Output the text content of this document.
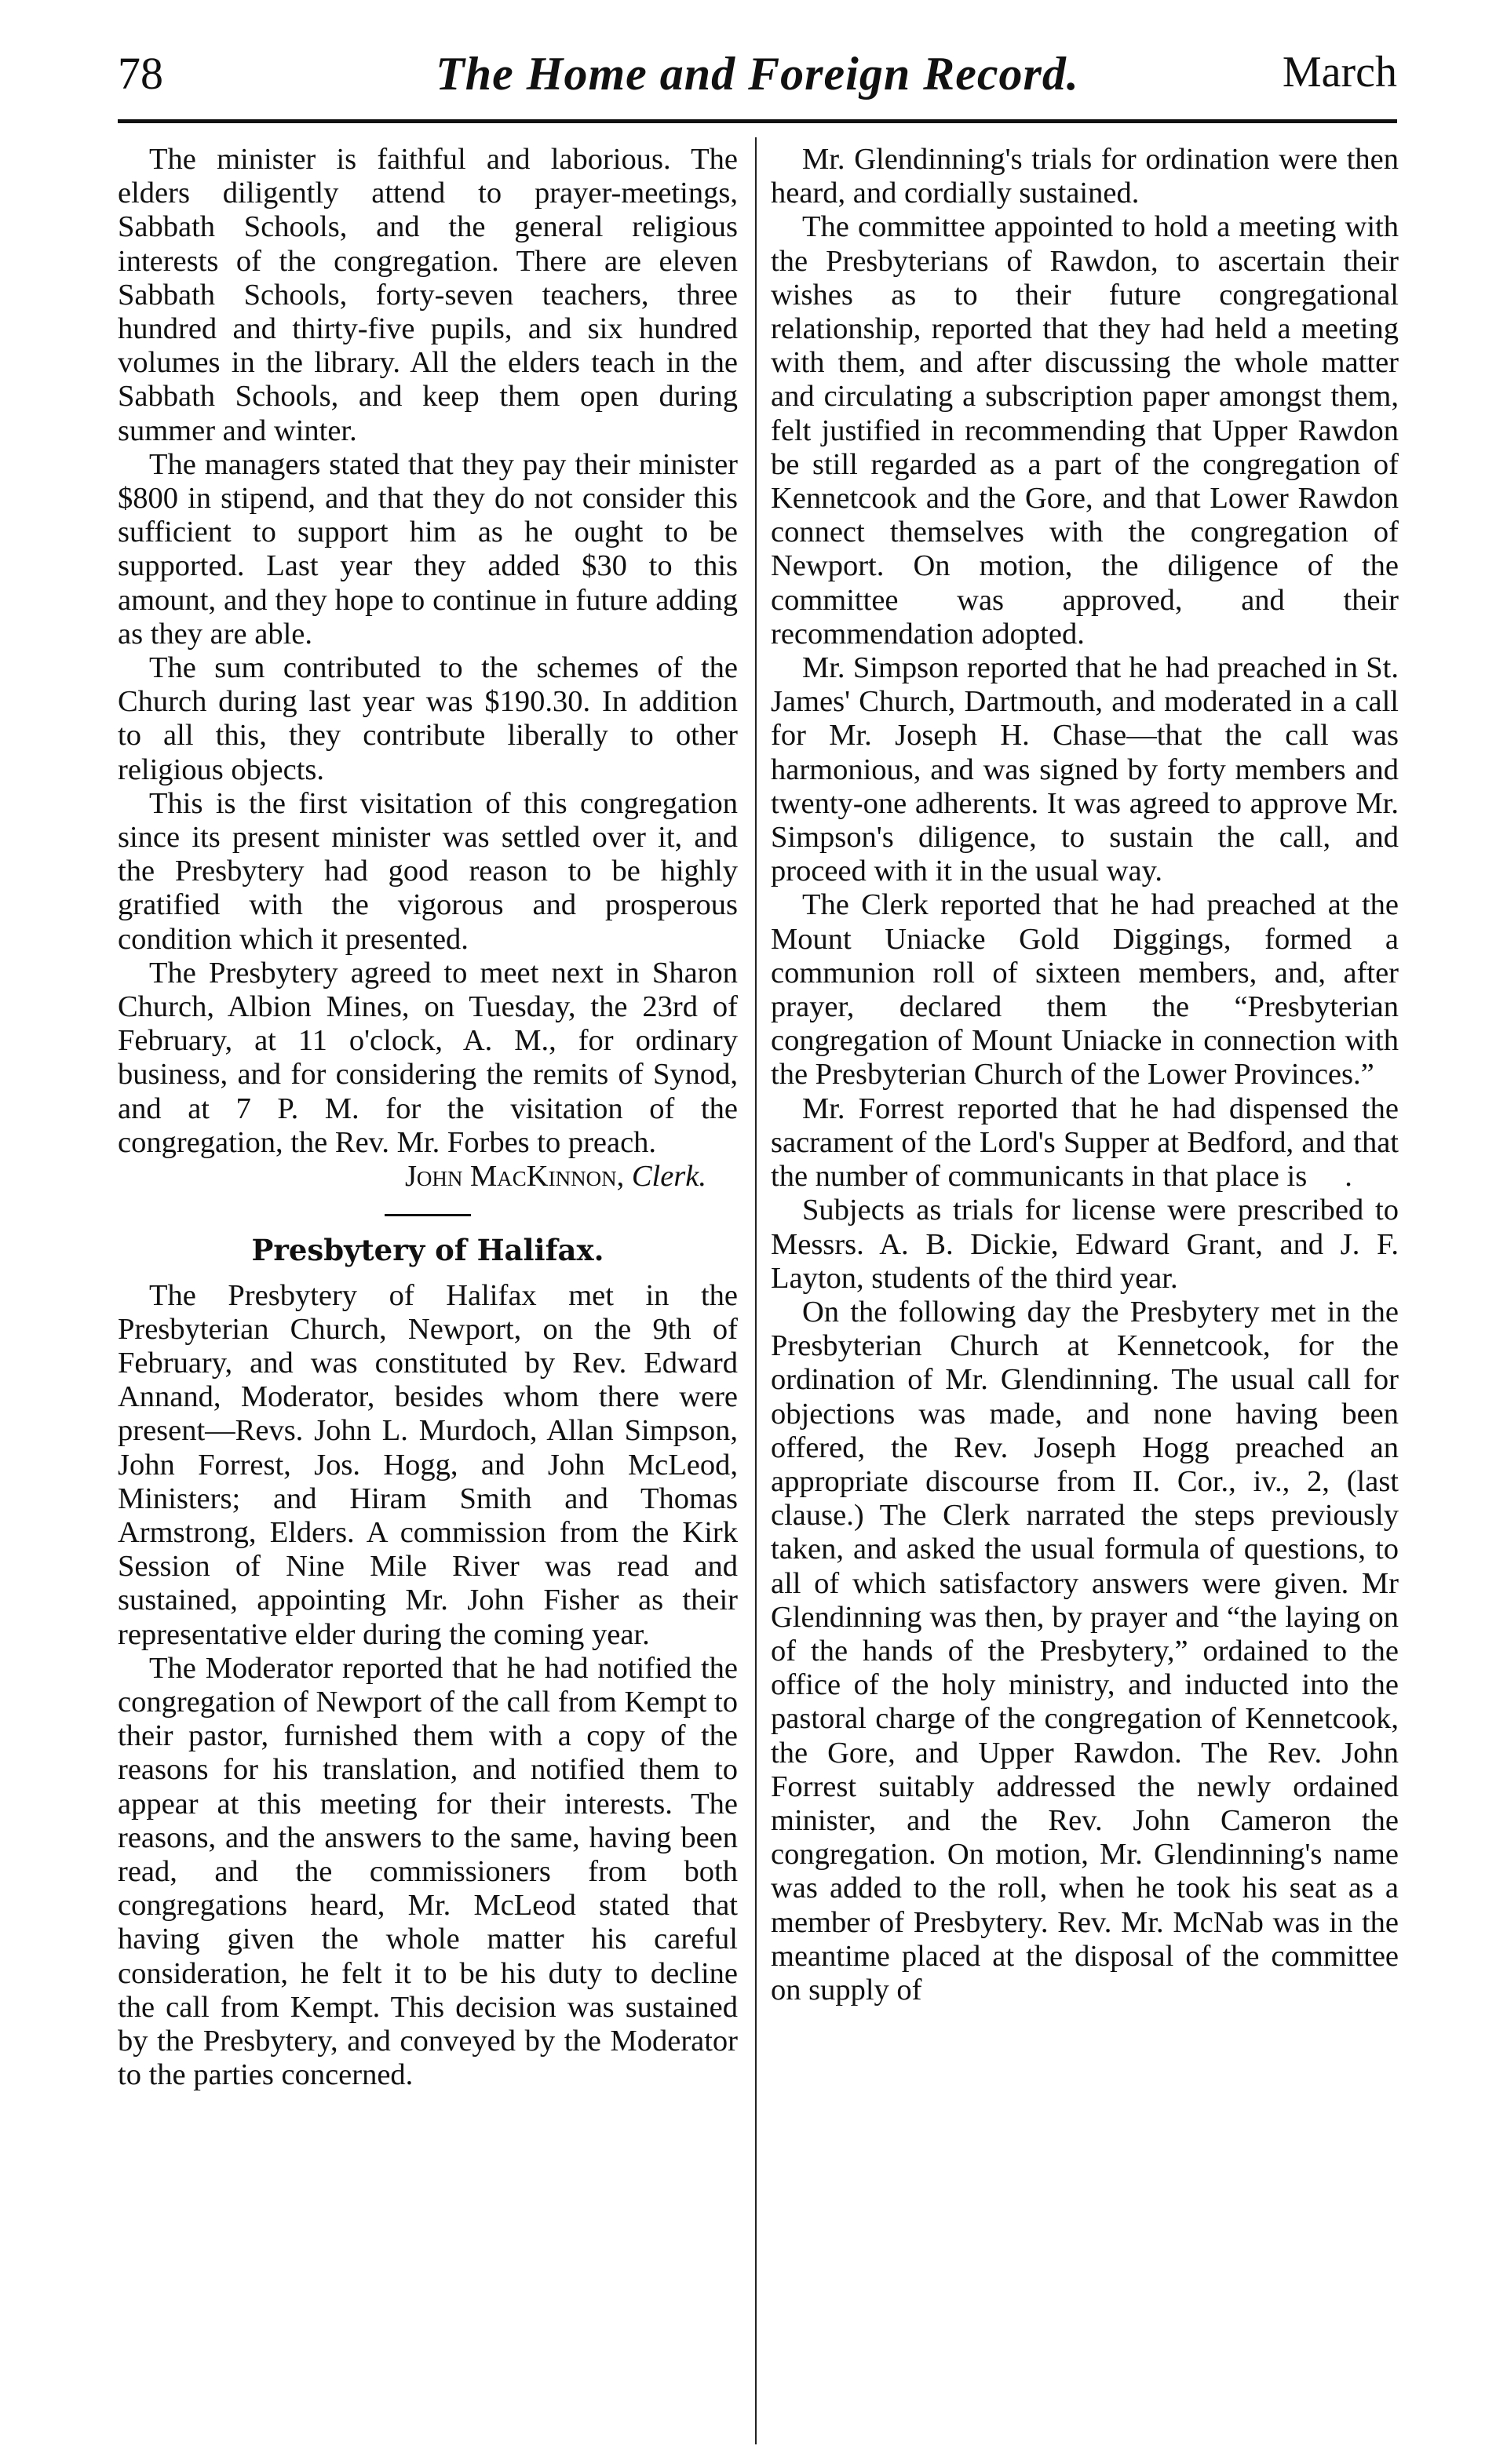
78	The Home and Foreign Record.	March

The minister is faithful and laborious. The elders diligently attend to prayer-meetings, Sabbath Schools, and the general religious interests of the congregation. There are eleven Sabbath Schools, forty-seven teachers, three hundred and thirty-five pupils, and six hundred volumes in the library. All the elders teach in the Sabbath Schools, and keep them open during summer and winter.

The managers stated that they pay their minister $800 in stipend, and that they do not consider this sufficient to support him as he ought to be supported. Last year they added $30 to this amount, and they hope to continue in future adding as they are able.

The sum contributed to the schemes of the Church during last year was $190.30. In addition to all this, they contribute liberally to other religious objects.

This is the first visitation of this congregation since its present minister was settled over it, and the Presbytery had good reason to be highly gratified with the vigorous and prosperous condition which it presented.

The Presbytery agreed to meet next in Sharon Church, Albion Mines, on Tuesday, the 23rd of February, at 11 o'clock, A. M., for ordinary business, and for considering the remits of Synod, and at 7 P. M. for the visitation of the congregation, the Rev. Mr. Forbes to preach.

John MacKinnon, Clerk.
Presbytery of Halifax.

The Presbytery of Halifax met in the Presbyterian Church, Newport, on the 9th of February, and was constituted by Rev. Edward Annand, Moderator, besides whom there were present—Revs. John L. Murdoch, Allan Simpson, John Forrest, Jos. Hogg, and John McLeod, Ministers; and Hiram Smith and Thomas Armstrong, Elders. A commission from the Kirk Session of Nine Mile River was read and sustained, appointing Mr. John Fisher as their representative elder during the coming year.

The Moderator reported that he had notified the congregation of Newport of the call from Kempt to their pastor, furnished them with a copy of the reasons for his translation, and notified them to appear at this meeting for their interests. The reasons, and the answers to the same, having been read, and the commissioners from both congregations heard, Mr. McLeod stated that having given the whole matter his careful consideration, he felt it to be his duty to decline the call from Kempt. This decision was sustained by the Presbytery, and conveyed by the Moderator to the parties concerned.

Mr. Glendinning's trials for ordination were then heard, and cordially sustained.

The committee appointed to hold a meeting with the Presbyterians of Rawdon, to ascertain their wishes as to their future congregational relationship, reported that they had held a meeting with them, and after discussing the whole matter and circulating a subscription paper amongst them, felt justified in recommending that Upper Rawdon be still regarded as a part of the congregation of Kennetcook and the Gore, and that Lower Rawdon connect themselves with the congregation of Newport. On motion, the diligence of the committee was approved, and their recommendation adopted.

Mr. Simpson reported that he had preached in St. James' Church, Dartmouth, and moderated in a call for Mr. Joseph H. Chase—that the call was harmonious, and was signed by forty members and twenty-one adherents. It was agreed to approve Mr. Simpson's diligence, to sustain the call, and proceed with it in the usual way.

The Clerk reported that he had preached at the Mount Uniacke Gold Diggings, formed a communion roll of sixteen members, and, after prayer, declared them the “Presbyterian congregation of Mount Uniacke in connection with the Presbyterian Church of the Lower Provinces.”

Mr. Forrest reported that he had dispensed the sacrament of the Lord's Supper at Bedford, and that the number of communicants in that place is  .

Subjects as trials for license were prescribed to Messrs. A. B. Dickie, Edward Grant, and J. F. Layton, students of the third year.

On the following day the Presbytery met in the Presbyterian Church at Kennetcook, for the ordination of Mr. Glendinning. The usual call for objections was made, and none having been offered, the Rev. Joseph Hogg preached an appropriate discourse from II. Cor., iv., 2, (last clause.) The Clerk narrated the steps previously taken, and asked the usual formula of questions, to all of which satisfactory answers were given. Mr Glendinning was then, by prayer and “the laying on of the hands of the Presbytery,” ordained to the office of the holy ministry, and inducted into the pastoral charge of the congregation of Kennetcook, the Gore, and Upper Rawdon. The Rev. John Forrest suitably addressed the newly ordained minister, and the Rev. John Cameron the congregation. On motion, Mr. Glendinning's name was added to the roll, when he took his seat as a member of Presbytery. Rev. Mr. McNab was in the meantime placed at the disposal of the committee on supply of
